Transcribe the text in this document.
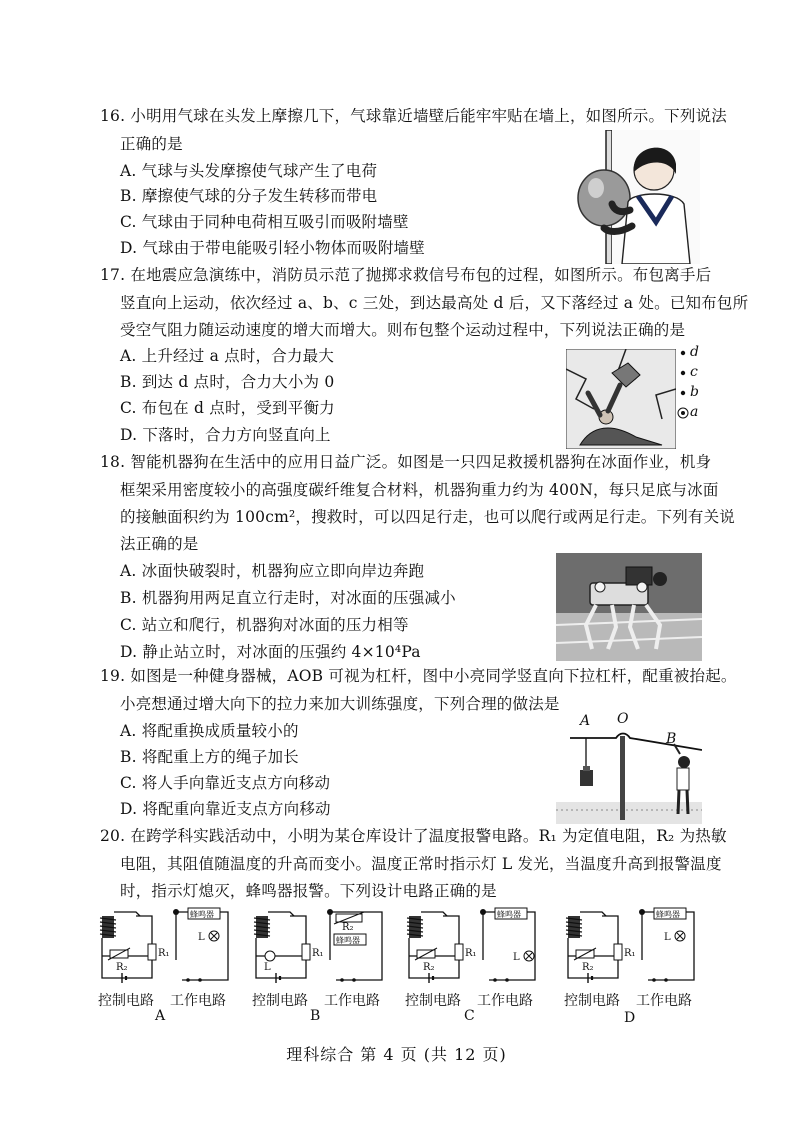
16. 小明用气球在头发上摩擦几下，气球靠近墙壁后能牢牢贴在墙上，如图所示。下列说法
正确的是
A. 气球与头发摩擦使气球产生了电荷
B. 摩擦使气球的分子发生转移而带电
C. 气球由于同种电荷相互吸引而吸附墙壁
D. 气球由于带电能吸引轻小物体而吸附墙壁
17. 在地震应急演练中，消防员示范了抛掷求救信号布包的过程，如图所示。布包离手后
竖直向上运动，依次经过 a、b、c 三处，到达最高处 d 后，又下落经过 a 处。已知布包所
受空气阻力随运动速度的增大而增大。则布包整个运动过程中，下列说法正确的是
A. 上升经过 a 点时，合力最大
B. 到达 d 点时，合力大小为 0
C. 布包在 d 点时，受到平衡力
D. 下落时，合力方向竖直向上
d
c
b
a
18. 智能机器狗在生活中的应用日益广泛。如图是一只四足救援机器狗在冰面作业，机身
框架采用密度较小的高强度碳纤维复合材料，机器狗重力约为 400N，每只足底与冰面
的接触面积约为 100cm²，搜救时，可以四足行走，也可以爬行或两足行走。下列有关说
法正确的是
A. 冰面快破裂时，机器狗应立即向岸边奔跑
B. 机器狗用两足直立行走时，对冰面的压强减小
C. 站立和爬行，机器狗对冰面的压力相等
D. 静止站立时，对冰面的压强约 4×10⁴Pa
19. 如图是一种健身器械，AOB 可视为杠杆，图中小亮同学竖直向下拉杠杆，配重被抬起。
小亮想通过增大向下的拉力来加大训练强度，下列合理的做法是
A. 将配重换成质量较小的
B. 将配重上方的绳子加长
C. 将人手向靠近支点方向移动
D. 将配重向靠近支点方向移动
A O
B
20. 在跨学科实践活动中，小明为某仓库设计了温度报警电路。R₁ 为定值电阻，R₂ 为热敏
电阻，其阻值随温度的升高而变小。温度正常时指示灯 L 发光，当温度升高到报警温度
时，指示灯熄灭，蜂鸣器报警。下列设计电路正确的是
R₁
R₂
蜂鸣器
L
R₁
L
蜂鸣器
R₂
R₁
R₂
蜂鸣器
L	R₁
R₂
蜂鸣器
L
控制电路 工作电路
A
控制电路 工作电路
B
控制电路 工作电路
C
控制电路 工作电路
D
理科综合 第 4 页 (共 12 页)
